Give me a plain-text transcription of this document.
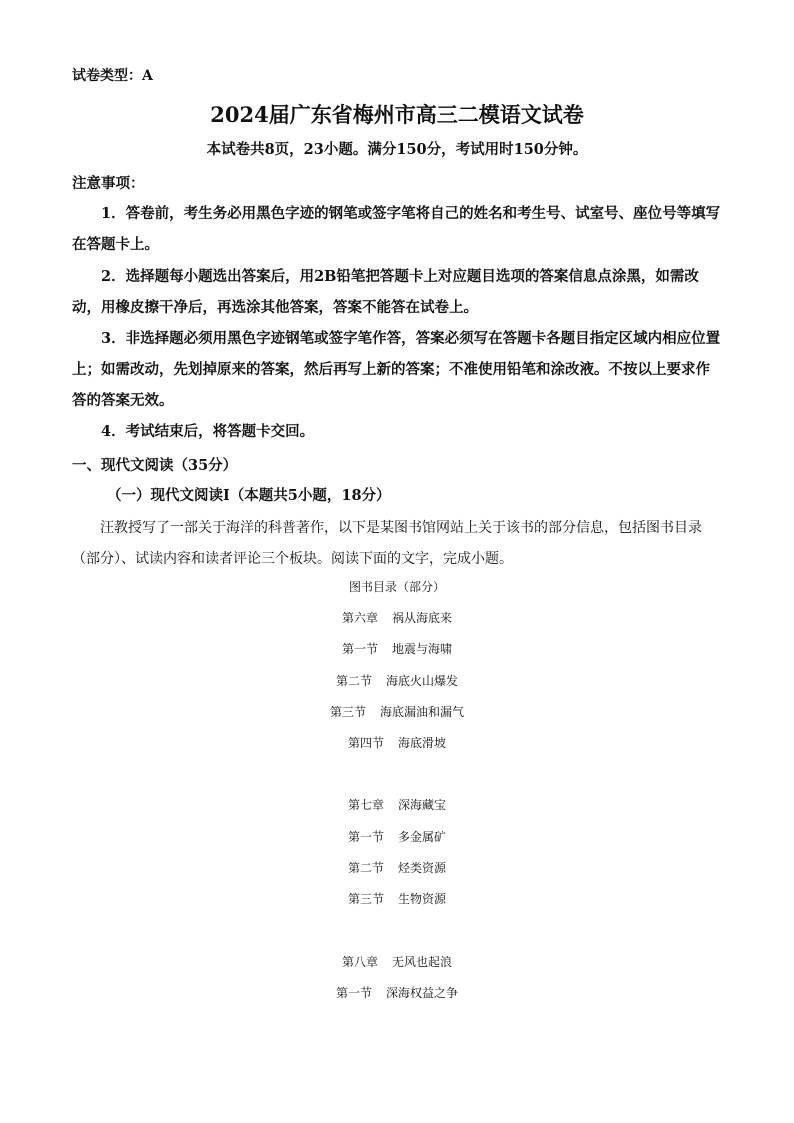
试卷类型：A
2024届广东省梅州市高三二模语文试卷
本试卷共8页，23小题。满分150分，考试用时150分钟。
注意事项：
1．答卷前，考生务必用黑色字迹的钢笔或签字笔将自己的姓名和考生号、试室号、座位号等填写在答题卡上。
2．选择题每小题选出答案后，用2B铅笔把答题卡上对应题目选项的答案信息点涂黑，如需改动，用橡皮擦干净后，再选涂其他答案，答案不能答在试卷上。
3．非选择题必须用黑色字迹钢笔或签字笔作答，答案必须写在答题卡各题目指定区域内相应位置上；如需改动，先划掉原来的答案，然后再写上新的答案；不准使用铅笔和涂改液。不按以上要求作答的答案无效。
4．考试结束后，将答题卡交回。
一、现代文阅读（35分）
（一）现代文阅读Ⅰ（本题共5小题，18分）
汪教授写了一部关于海洋的科普著作，以下是某图书馆网站上关于该书的部分信息，包括图书目录（部分）、试读内容和读者评论三个板块。阅读下面的文字，完成小题。
图书目录（部分）
第六章 祸从海底来
第一节 地震与海啸
第二节 海底火山爆发
第三节 海底漏油和漏气
第四节 海底滑坡
第七章 深海藏宝
第一节 多金属矿
第二节 烃类资源
第三节 生物资源
第八章 无风也起浪
第一节 深海权益之争
